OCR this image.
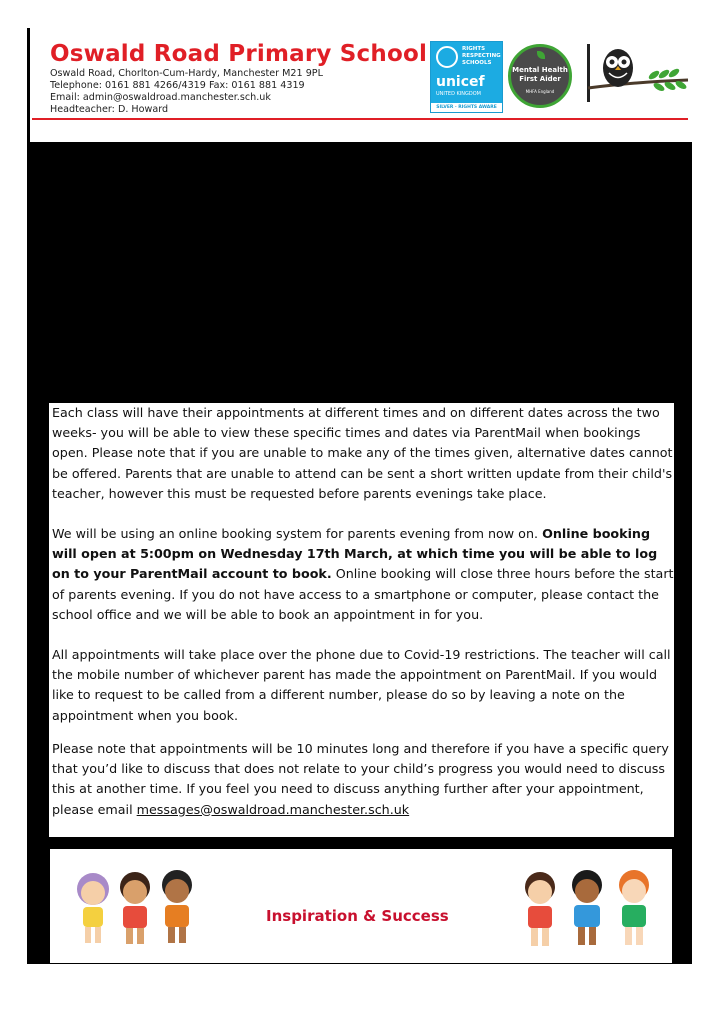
Oswald Road Primary School
Oswald Road, Chorlton-Cum-Hardy, Manchester M21 9PL
Telephone: 0161 881 4266/4319 Fax: 0161 881 4319
Email: admin@oswaldroad.manchester.sch.uk
Headteacher: D. Howard
RIGHTS
RESPECTING
SCHOOLS
unicef
UNITED KINGDOM
SILVER · RIGHTS AWARE
Mental Health
First Aider
MHFA England

Each class will have their appointments at different times and on different dates across the two weeks- you will be able to view these specific times and dates via ParentMail when bookings open. Please note that if you are unable to make any of the times given, alternative dates cannot be offered. Parents that are unable to attend can be sent a short written update from their child's teacher, however this must be requested before parents evenings take place.

We will be using an online booking system for parents evening from now on. Online booking will open at 5:00pm on Wednesday 17th March, at which time you will be able to log on to your ParentMail account to book. Online booking will close three hours before the start of parents evening. If you do not have access to a smartphone or computer, please contact the school office and we will be able to book an appointment in for you.

All appointments will take place over the phone due to Covid-19 restrictions. The teacher will call the mobile number of whichever parent has made the appointment on ParentMail. If you would like to request to be called from a different number, please do so by leaving a note on the appointment when you book.

Please note that appointments will be 10 minutes long and therefore if you have a specific query that you’d like to discuss that does not relate to your child’s progress you would need to discuss this at another time. If you feel you need to discuss anything further after your appointment, please email messages@oswaldroad.manchester.sch.uk

Inspiration & Success
